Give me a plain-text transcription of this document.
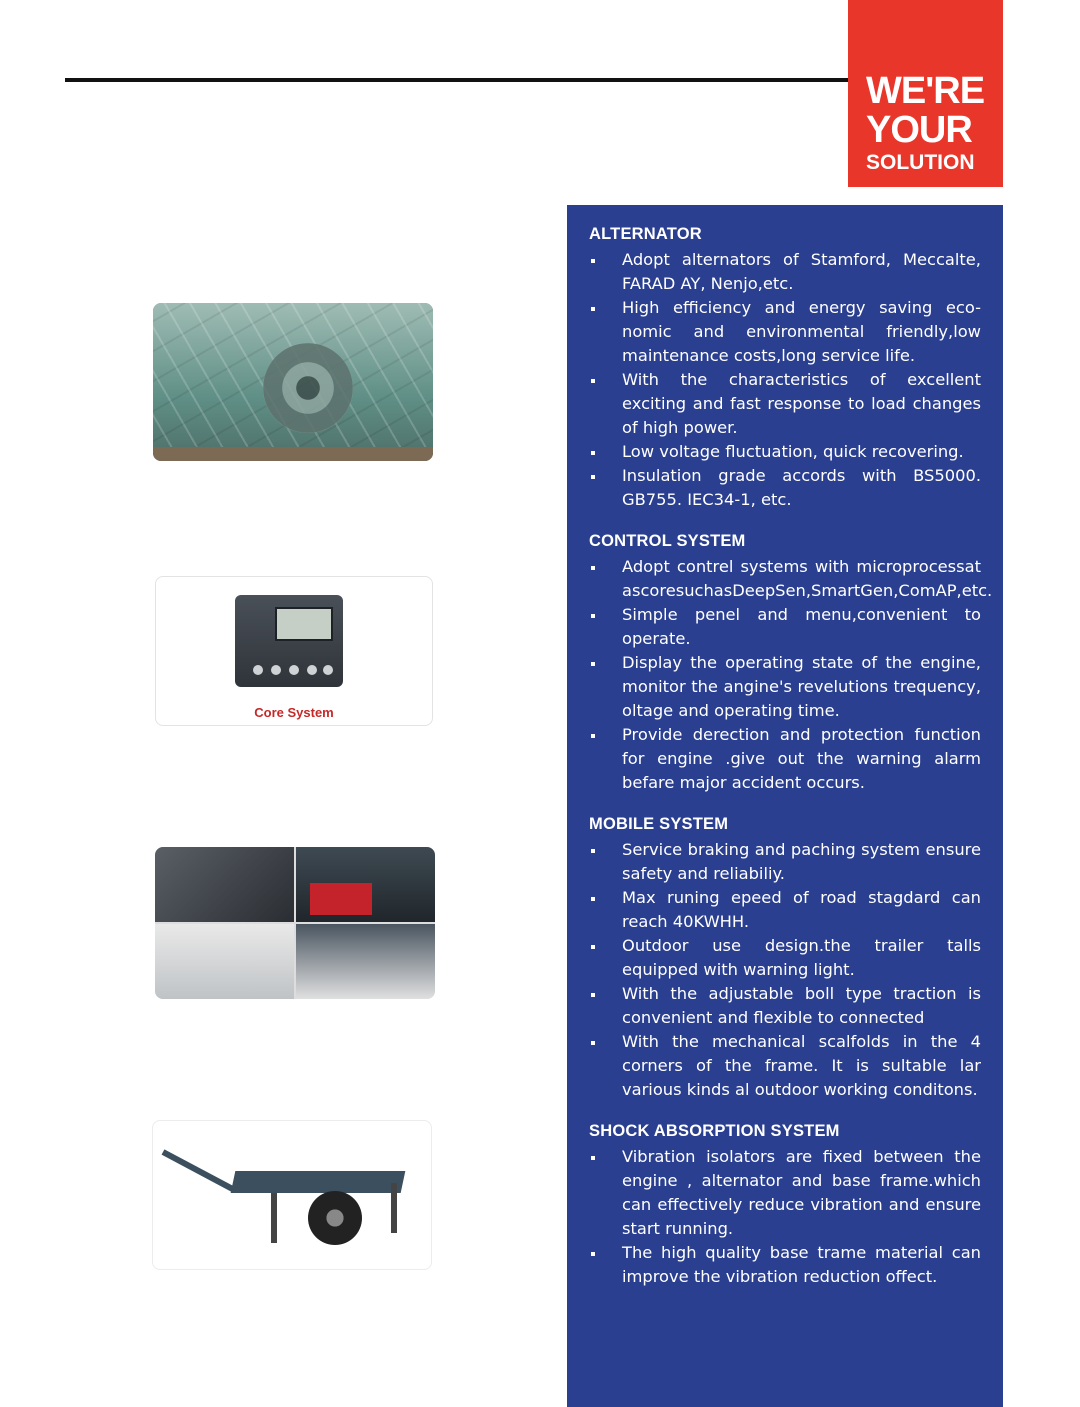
WE'RE
YOUR
SOLUTION
Core System
ALTERNATOR
Adopt alternators of Stamford, Meccalte, FARAD AY, Nenjo,etc.
High efficiency and energy saving eco-nomic and environmental friendly,low maintenance costs,long service life.
With the characteristics of excellent exciting and fast response to load changes of high power.
Low voltage fluctuation, quick recovering.
Insulation grade accords with BS5000. GB755. IEC34-1, etc.
CONTROL SYSTEM
Adopt contrel systems with microprocessat ascoresuchasDeepSen,SmartGen,ComAP,etc.
Simple penel and menu,convenient to operate.
Display the operating state of the engine, monitor the angine's revelutions trequency, oltage and operating time.
Provide derection and protection function for engine .give out the warning alarm befare major accident occurs.
MOBILE SYSTEM
Service braking and paching system ensure safety and reliabiliy.
Max runing epeed of road stagdard can reach 40KWHH.
Outdoor use design.the trailer talls equipped with warning light.
With the adjustable boll type traction is convenient and flexible to connected
With the mechanical scalfolds in the 4 corners of the frame. It is sultable lar various kinds al outdoor working conditons.
SHOCK ABSORPTION SYSTEM
Vibration isolators are fixed between the engine , alternator and base frame.which can effectively reduce vibration and ensure start running.
The high quality base trame material can improve the vibration reduction offect.
